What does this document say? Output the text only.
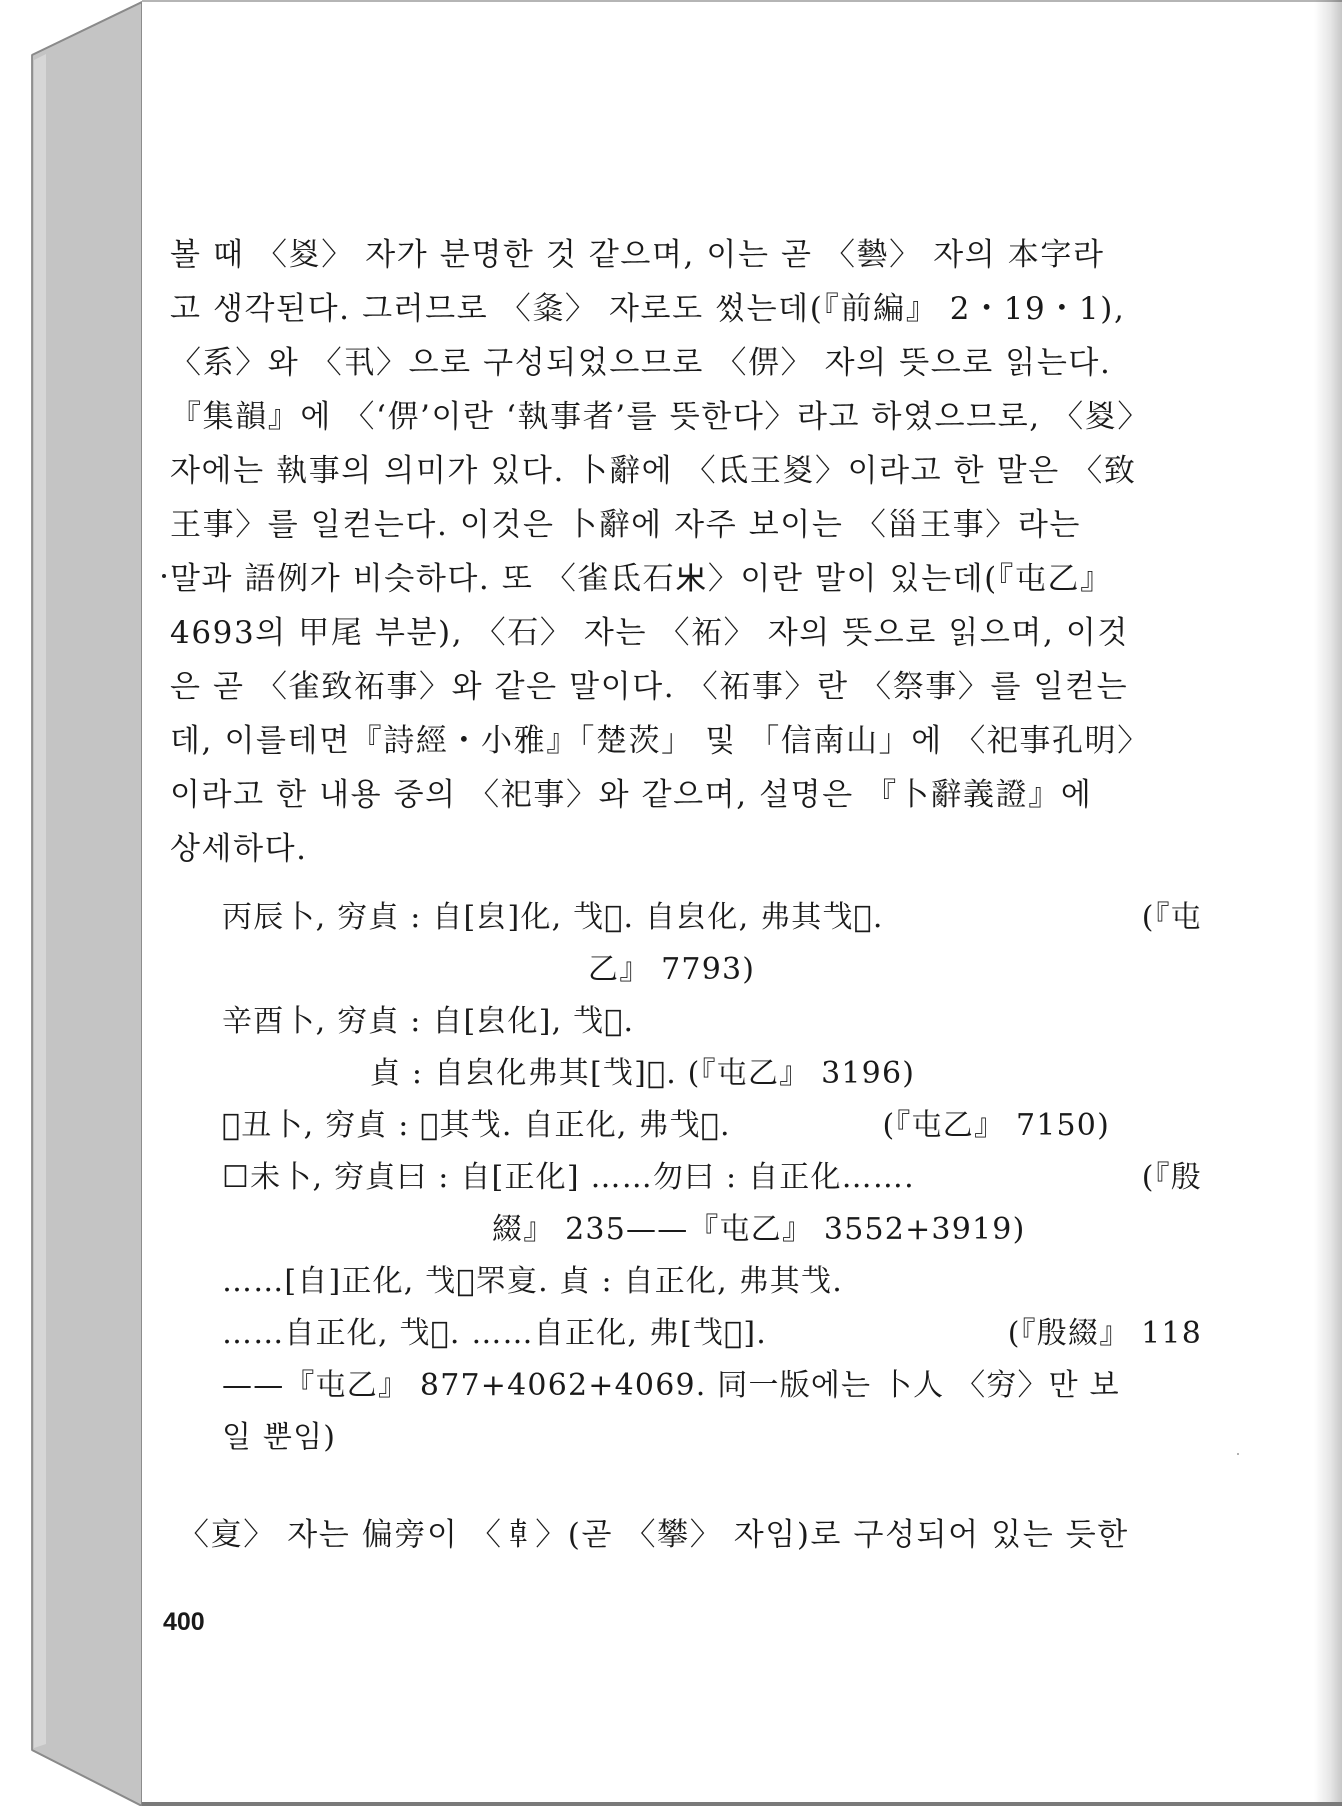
볼 때 〈㚇〉 자가 분명한 것 같으며, 이는 곧 〈㙯〉 자의 本字라
고 생각된다. 그러므로 〈𡕝〉 자로도 썼는데(『前編』 2・19・1),
〈系〉와 〈丮〉으로 구성되었으므로 〈㑭〉 자의 뜻으로 읽는다.
『集韻』에 〈‘㑭’이란 ‘執事者’를 뜻한다〉라고 하였으므로, 〈㚇〉
자에는 執事의 의미가 있다. 卜辭에 〈氐王㚇〉이라고 한 말은 〈致
王事〉를 일컫는다. 이것은 卜辭에 자주 보이는 〈甾王事〉라는
말과 語例가 비슷하다. 또 〈雀氐石𣎵〉이란 말이 있는데(『屯乙』
4693의 甲尾 부분), 〈石〉 자는 〈祏〉 자의 뜻으로 읽으며, 이것
은 곧 〈雀致祏事〉와 같은 말이다. 〈祏事〉란 〈祭事〉를 일컫는
데, 이를테면『詩經・小雅』「楚茨」 및 「信南山」에 〈祀事孔明〉
이라고 한 내용 중의 〈祀事〉와 같으며, 설명은 『卜辭義證』에
상세하다.
丙辰卜, 穷貞 : 自[㿝]化, 𢦏𢍄. 自㿝化, 弗其𢦏𢍄.	(『屯
乙』 7793)
辛酉卜, 穷貞 : 自[㿝化], 𢦏𢍄.
貞 : 自㿝化弗其[𢦏]𢍄. (『屯乙』 3196)
☐丑卜, 穷貞 : 𢍄其𢦏. 自正化, 弗𢦏𢍄.	(『屯乙』 7150)
☐未卜, 穷貞曰 : 自[正化] ……勿曰 : 自正化…….	(『殷
綴』 235——『屯乙』 3552+3919)
……[自]正化, 𢦏𢍄罘㚆. 貞 : 自正化, 弗其𢦏.
……自正化, 𢦏𢍄. ……自正化, 弗[𢦏𢍄].	(『殷綴』 118
——『屯乙』 877+4062+4069. 同一版에는 卜人 〈穷〉만 보
일 뿐임)
〈㚆〉 자는 偏旁이 〈𠦝〉(곧 〈攀〉 자임)로 구성되어 있는 듯한
400
